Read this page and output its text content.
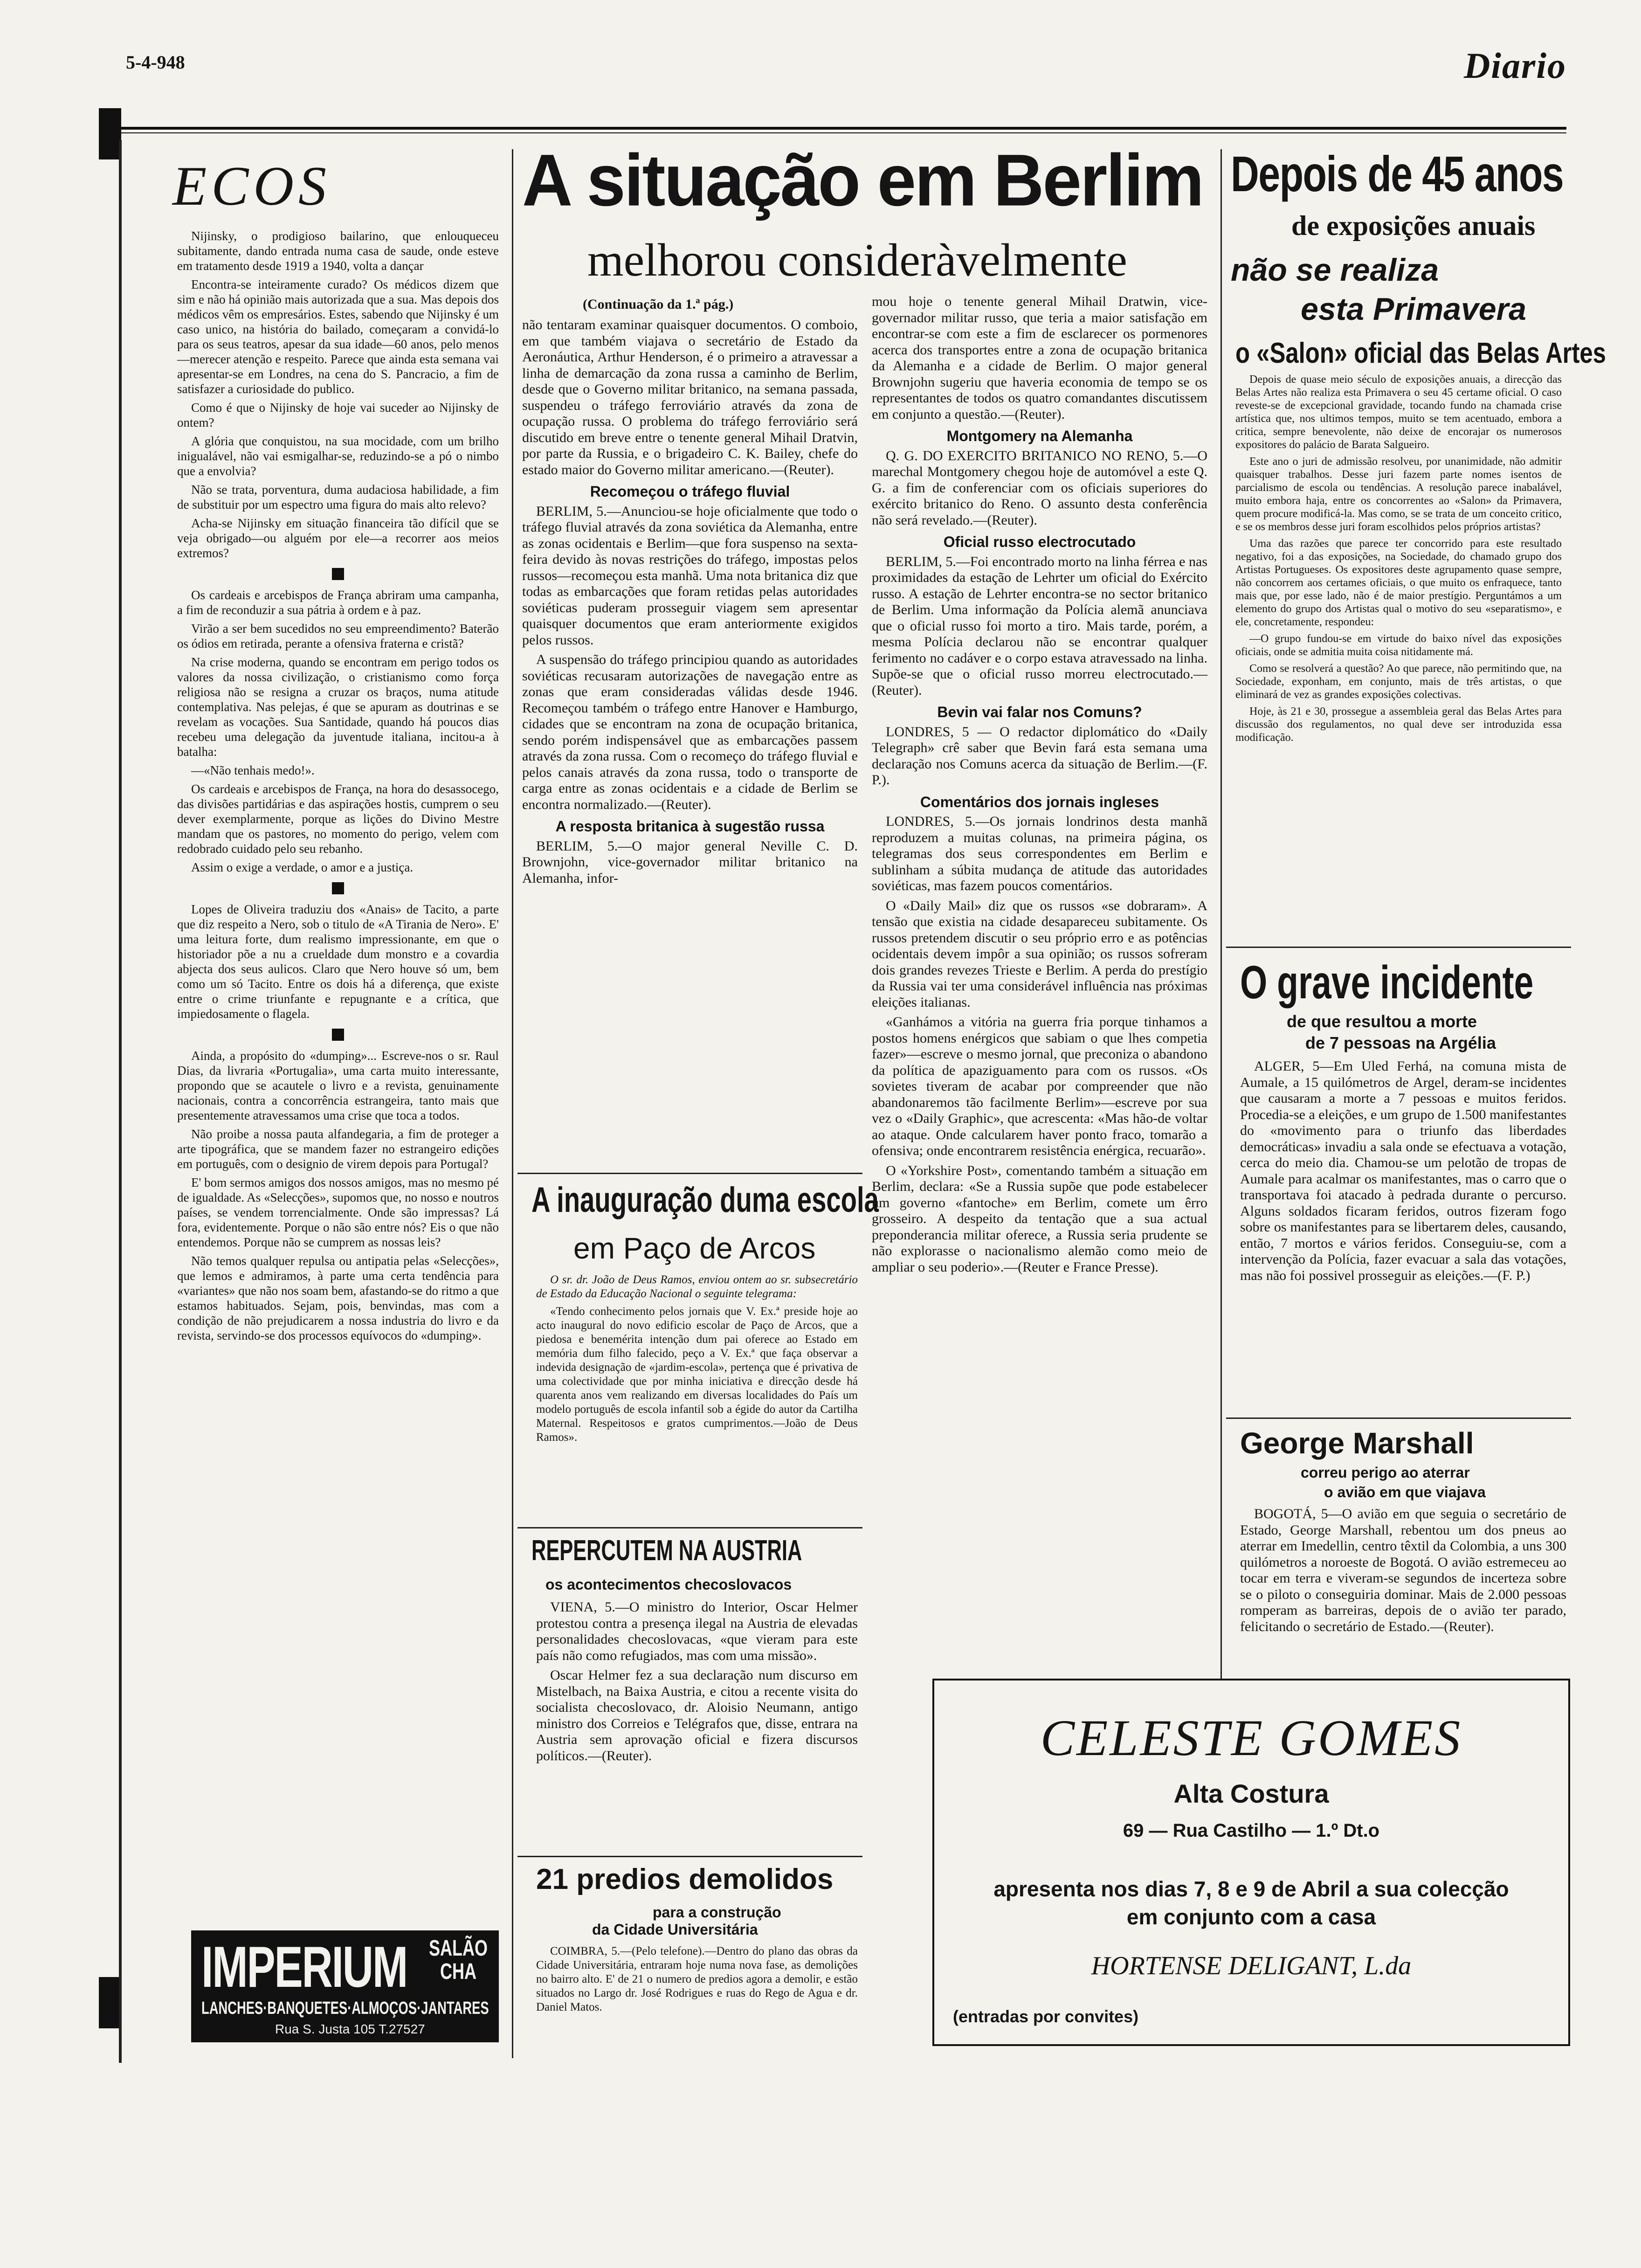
5-4-948	Diario
ECOS

Nijinsky, o prodigioso bailarino, que enlouqueceu subitamente, dando entrada numa casa de saude, onde esteve em tratamento desde 1919 a 1940, volta a dançar

Encontra-se inteiramente curado? Os médicos dizem que sim e não há opinião mais autorizada que a sua. Mas depois dos médicos vêm os empresários. Estes, sabendo que Nijinsky é um caso unico, na história do bailado, começaram a convidá-lo para os seus teatros, apesar da sua idade—60 anos, pelo menos—merecer atenção e respeito. Parece que ainda esta semana vai apresentar-se em Londres, na cena do S. Pancracio, a fim de satisfazer a curiosidade do publico.

Como é que o Nijinsky de hoje vai suceder ao Nijinsky de ontem?

A glória que conquistou, na sua mocidade, com um brilho inigualável, não vai esmigalhar-se, reduzindo-se a pó o nimbo que a envolvia?

Não se trata, porventura, duma audaciosa habilidade, a fim de substituir por um espectro uma figura do mais alto relevo?

Acha-se Nijinsky em situação financeira tão difícil que se veja obrigado—ou alguém por ele—a recorrer aos meios extremos?

Os cardeais e arcebispos de França abriram uma campanha, a fim de reconduzir a sua pátria à ordem e à paz.

Virão a ser bem sucedidos no seu empreendimento? Baterão os ódios em retirada, perante a ofensiva fraterna e cristã?

Na crise moderna, quando se encontram em perigo todos os valores da nossa civilização, o cristianismo como força religiosa não se resigna a cruzar os braços, numa atitude contemplativa. Nas pelejas, é que se apuram as doutrinas e se revelam as vocações. Sua Santidade, quando há poucos dias recebeu uma delegação da juventude italiana, incitou-a à batalha:

—«Não tenhais medo!».

Os cardeais e arcebispos de França, na hora do desassocego, das divisões partidárias e das aspirações hostis, cumprem o seu dever exemplarmente, porque as lições do Divino Mestre mandam que os pastores, no momento do perigo, velem com redobrado cuidado pelo seu rebanho.

Assim o exige a verdade, o amor e a justiça.

Lopes de Oliveira traduziu dos «Anais» de Tacito, a parte que diz respeito a Nero, sob o titulo de «A Tirania de Nero». E' uma leitura forte, dum realismo impressionante, em que o historiador põe a nu a crueldade dum monstro e a covardia abjecta dos seus aulicos. Claro que Nero houve só um, bem como um só Tacito. Entre os dois há a diferença, que existe entre o crime triunfante e repugnante e a crítica, que impiedosamente o flagela.

Ainda, a propósito do «dumping»... Escreve-nos o sr. Raul Dias, da livraria «Portugalia», uma carta muito interessante, propondo que se acautele o livro e a revista, genuinamente nacionais, contra a concorrência estrangeira, tanto mais que presentemente atravessamos uma crise que toca a todos.

Não proibe a nossa pauta alfandegaria, a fim de proteger a arte tipográfica, que se mandem fazer no estrangeiro edições em português, com o designio de virem depois para Portugal?

E' bom sermos amigos dos nossos amigos, mas no mesmo pé de igualdade. As «Selecções», supomos que, no nosso e noutros países, se vendem torrencialmente. Onde são impressas? Lá fora, evidentemente. Porque o não são entre nós? Eis o que não entendemos. Porque não se cumprem as nossas leis?

Não temos qualquer repulsa ou antipatia pelas «Selecções», que lemos e admiramos, à parte uma certa tendência para «variantes» que não nos soam bem, afastando-se do ritmo a que estamos habituados. Sejam, pois, benvindas, mas com a condição de não prejudicarem a nossa industria do livro e da revista, servindo-se dos processos equívocos do «dumping».

IMPERIUM SALÃO
CHA
LANCHES·BANQUETES·ALMOÇOS·JANTARES
Rua S. Justa 105 T.27527
A situação em Berlim
melhorou consideràvelmente
(Continuação da 1.ª pág.)

não tentaram examinar quaisquer documentos. O comboio, em que também viajava o secretário de Estado da Aeronáutica, Arthur Henderson, é o primeiro a atravessar a linha de demarcação da zona russa a caminho de Berlim, desde que o Governo militar britanico, na semana passada, suspendeu o tráfego ferroviário através da zona de ocupação russa. O problema do tráfego ferroviário será discutido em breve entre o tenente general Mihail Dratvin, por parte da Russia, e o brigadeiro C. K. Bailey, chefe do estado maior do Governo militar americano.—(Reuter).

Recomeçou o tráfego fluvial

BERLIM, 5.—Anunciou-se hoje oficialmente que todo o tráfego fluvial através da zona soviética da Alemanha, entre as zonas ocidentais e Berlim—que fora suspenso na sexta-feira devido às novas restrições do tráfego, impostas pelos russos—recomeçou esta manhã. Uma nota britanica diz que todas as embarcações que foram retidas pelas autoridades soviéticas puderam prosseguir viagem sem apresentar quaisquer documentos que eram anteriormente exigidos pelos russos.

A suspensão do tráfego principiou quando as autoridades soviéticas recusaram autorizações de navegação entre as zonas que eram consideradas válidas desde 1946. Recomeçou também o tráfego entre Hanover e Hamburgo, cidades que se encontram na zona de ocupação britanica, sendo porém indispensável que as embarcações passem através da zona russa. Com o recomeço do tráfego fluvial e pelos canais através da zona russa, todo o transporte de carga entre as zonas ocidentais e a cidade de Berlim se encontra normalizado.—(Reuter).

A resposta britanica à sugestão russa

BERLIM, 5.—O major general Neville C. D. Brownjohn, vice-governador militar britanico na Alemanha, infor-

mou hoje o tenente general Mihail Dratwin, vice-governador militar russo, que teria a maior satisfação em encontrar-se com este a fim de esclarecer os pormenores acerca dos transportes entre a zona de ocupação britanica da Alemanha e a cidade de Berlim. O major general Brownjohn sugeriu que haveria economia de tempo se os representantes de todos os quatro comandantes discutissem em conjunto a questão.—(Reuter).

Montgomery na Alemanha

Q. G. DO EXERCITO BRITANICO NO RENO, 5.—O marechal Montgomery chegou hoje de automóvel a este Q. G. a fim de conferenciar com os oficiais superiores do exército britanico do Reno. O assunto desta conferência não será revelado.—(Reuter).

Oficial russo electrocutado

BERLIM, 5.—Foi encontrado morto na linha férrea e nas proximidades da estação de Lehrter um oficial do Exército russo. A estação de Lehrter encontra-se no sector britanico de Berlim. Uma informação da Polícia alemã anunciava que o oficial russo foi morto a tiro. Mais tarde, porém, a mesma Polícia declarou não se encontrar qualquer ferimento no cadáver e o corpo estava atravessado na linha. Supõe-se que o oficial russo morreu electrocutado.—(Reuter).

Bevin vai falar nos Comuns?

LONDRES, 5 — O redactor diplomático do «Daily Telegraph» crê saber que Bevin fará esta semana uma declaração nos Comuns acerca da situação de Berlim.—(F. P.).

Comentários dos jornais ingleses

LONDRES, 5.—Os jornais londrinos desta manhã reproduzem a muitas colunas, na primeira página, os telegramas dos seus correspondentes em Berlim e sublinham a súbita mudança de atitude das autoridades soviéticas, mas fazem poucos comentários.

O «Daily Mail» diz que os russos «se dobraram». A tensão que existia na cidade desapareceu subitamente. Os russos pretendem discutir o seu próprio erro e as potências ocidentais devem impôr a sua opinião; os russos sofreram dois grandes revezes Trieste e Berlim. A perda do prestígio da Russia vai ter uma considerável influência nas próximas eleições italianas.

«Ganhámos a vitória na guerra fria porque tinhamos a postos homens enérgicos que sabiam o que lhes competia fazer»—escreve o mesmo jornal, que preconiza o abandono da política de apaziguamento para com os russos. «Os sovietes tiveram de acabar por compreender que não abandonaremos tão facilmente Berlim»—escreve por sua vez o «Daily Graphic», que acrescenta: «Mas hão-de voltar ao ataque. Onde calcularem haver ponto fraco, tomarão a ofensiva; onde encontrarem resistência enérgica, recuarão».

O «Yorkshire Post», comentando também a situação em Berlim, declara: «Se a Russia supõe que pode estabelecer um governo «fantoche» em Berlim, comete um êrro grosseiro. A despeito da tentação que a sua actual preponderancia militar oferece, a Russia seria prudente se não explorasse o nacionalismo alemão como meio de ampliar o seu poderio».—(Reuter e France Presse).

A inauguração duma escola
em Paço de Arcos

O sr. dr. João de Deus Ramos, enviou ontem ao sr. subsecretário de Estado da Educação Nacional o seguinte telegrama:

«Tendo conhecimento pelos jornais que V. Ex.ª preside hoje ao acto inaugural do novo edificio escolar de Paço de Arcos, que a piedosa e benemérita intenção dum pai oferece ao Estado em memória dum filho falecido, peço a V. Ex.ª que faça observar a indevida designação de «jardim-escola», pertença que é privativa de uma colectividade que por minha iniciativa e direcção desde há quarenta anos vem realizando em diversas localidades do País um modelo português de escola infantil sob a égide do autor da Cartilha Maternal. Respeitosos e gratos cumprimentos.—João de Deus Ramos».

REPERCUTEM NA AUSTRIA
os acontecimentos checoslovacos

VIENA, 5.—O ministro do Interior, Oscar Helmer protestou contra a presença ilegal na Austria de elevadas personalidades checoslovacas, «que vieram para este país não como refugiados, mas com uma missão».

Oscar Helmer fez a sua declaração num discurso em Mistelbach, na Baixa Austria, e citou a recente visita do socialista checoslovaco, dr. Aloisio Neumann, antigo ministro dos Correios e Telégrafos que, disse, entrara na Austria sem aprovação oficial e fizera discursos políticos.—(Reuter).

21 predios demolidos
para a construção
da Cidade Universitária

COIMBRA, 5.—(Pelo telefone).—Dentro do plano das obras da Cidade Universitária, entraram hoje numa nova fase, as demolições no bairro alto. E' de 21 o numero de predios agora a demolir, e estão situados no Largo dr. José Rodrigues e ruas do Rego de Agua e dr. Daniel Matos.

Depois de 45 anos
de exposições anuais
não se realiza
esta Primavera
o «Salon» oficial das Belas Artes

Depois de quase meio século de exposições anuais, a direcção das Belas Artes não realiza esta Primavera o seu 45 certame oficial. O caso reveste-se de excepcional gravidade, tocando fundo na chamada crise artística que, nos ultimos tempos, muito se tem acentuado, embora a critica, sempre benevolente, não deixe de encorajar os numerosos expositores do palácio de Barata Salgueiro.

Este ano o juri de admissão resolveu, por unanimidade, não admitir quaisquer trabalhos. Desse juri fazem parte nomes isentos de parcialismo de escola ou tendências. A resolução parece inabalável, muito embora haja, entre os concorrentes ao «Salon» da Primavera, quem procure modificá-la. Mas como, se se trata de um conceito critico, e se os membros desse juri foram escolhidos pelos próprios artistas?

Uma das razões que parece ter concorrido para este resultado negativo, foi a das exposições, na Sociedade, do chamado grupo dos Artistas Portugueses. Os expositores deste agrupamento quase sempre, não concorrem aos certames oficiais, o que muito os enfraquece, tanto mais que, por esse lado, não é de maior prestígio. Perguntámos a um elemento do grupo dos Artistas qual o motivo do seu «separatismo», e ele, concretamente, respondeu:

—O grupo fundou-se em virtude do baixo nível das exposições oficiais, onde se admitia muita coisa nitidamente má.

Como se resolverá a questão? Ao que parece, não permitindo que, na Sociedade, exponham, em conjunto, mais de três artistas, o que eliminará de vez as grandes exposições colectivas.

Hoje, às 21 e 30, prossegue a assembleia geral das Belas Artes para discussão dos regulamentos, no qual deve ser introduzida essa modificação.

O grave incidente
de que resultou a morte
de 7 pessoas na Argélia

ALGER, 5—Em Uled Ferhá, na comuna mista de Aumale, a 15 quilómetros de Argel, deram-se incidentes que causaram a morte a 7 pessoas e muitos feridos. Procedia-se a eleições, e um grupo de 1.500 manifestantes do «movimento para o triunfo das liberdades democráticas» invadiu a sala onde se efectuava a votação, cerca do meio dia. Chamou-se um pelotão de tropas de Aumale para acalmar os manifestantes, mas o carro que o transportava foi atacado à pedrada durante o percurso. Alguns soldados ficaram feridos, outros fizeram fogo sobre os manifestantes para se libertarem deles, causando, então, 7 mortos e vários feridos. Conseguiu-se, com a intervenção da Polícia, fazer evacuar a sala das votações, mas não foi possivel prosseguir as eleições.—(F. P.)

George Marshall
correu perigo ao aterrar
o avião em que viajava

BOGOTÁ, 5—O avião em que seguia o secretário de Estado, George Marshall, rebentou um dos pneus ao aterrar em Imedellin, centro têxtil da Colombia, a uns 300 quilómetros a noroeste de Bogotá. O avião estremeceu ao tocar em terra e viveram-se segundos de incerteza sobre se o piloto o conseguiria dominar. Mais de 2.000 pessoas romperam as barreiras, depois de o avião ter parado, felicitando o secretário de Estado.—(Reuter).

CELESTE GOMES
Alta Costura
69 — Rua Castilho — 1.º Dt.o
apresenta nos dias 7, 8 e 9 de Abril a sua colecção
em conjunto com a casa
HORTENSE DELIGANT, L.da
(entradas por convites)
